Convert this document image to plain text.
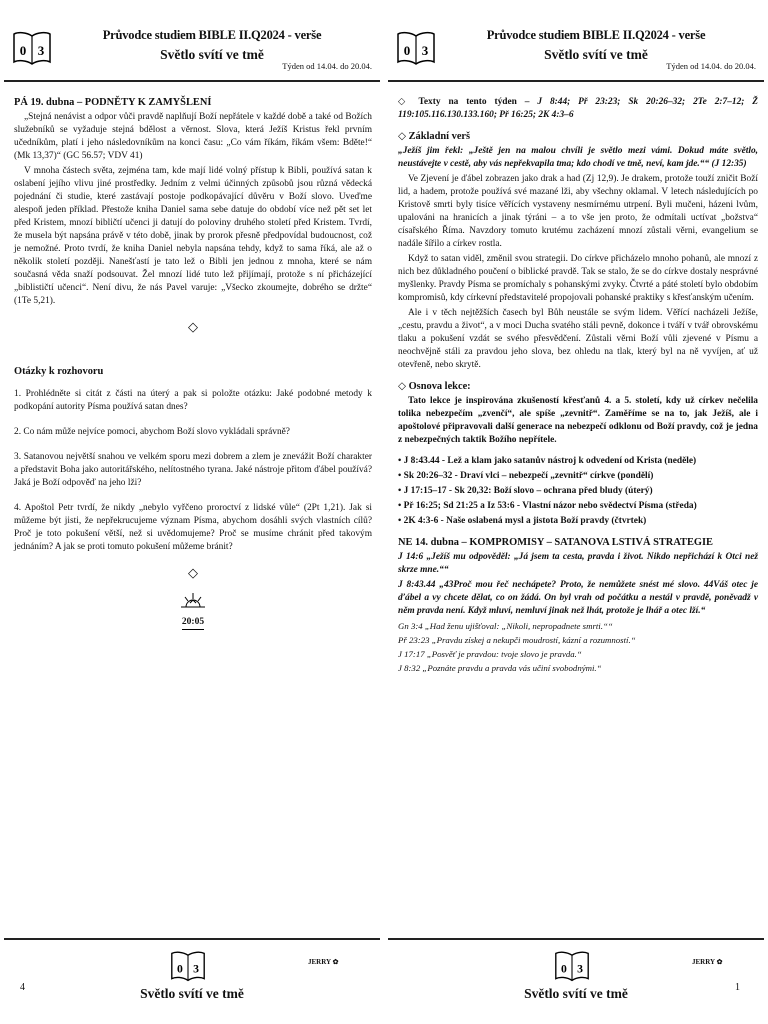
0 3
Průvodce studiem BIBLE II.Q2024 - verše
Světlo svítí ve tmě
Týden od 14.04. do 20.04.
PÁ 19. dubna – PODNĚTY K ZAMYŠLENÍ

„Stejná nenávist a odpor vůči pravdě naplňují Boží nepřátele v každé době a také od Božích služebníků se vyžaduje stejná bdělost a věrnost. Slova, která Ježíš Kristus řekl prvním učedníkům, platí i jeho následovníkům na konci času: „Co vám říkám, říkám všem: Bděte!“ (Mk 13,37)“ (GC 56.57; VDV 41)

V mnoha částech světa, zejména tam, kde mají lidé volný přístup k Bibli, používá satan k oslabení jejího vlivu jiné prostředky. Jedním z velmi účinných způsobů jsou různá vědecká pojednání či studie, které zastávají postoje podkopávající důvěru v Boží slovo. Uveďme alespoň jeden příklad. Přestože kniha Daniel sama sebe datuje do období více než pět set let před Kristem, mnozí bibličtí učenci ji datují do poloviny druhého století před Kristem. Tvrdí, že musela být napsána právě v této době, jinak by prorok přesně předpovídal budoucnost, což je nemožné. Proto tvrdí, že kniha Daniel nebyla napsána tehdy, když to sama říká, ale až o několik století později. Nanešťastí je tato lež o Bibli jen jednou z mnoha, které se nám současná věda snaží podsouvat. Žel mnozí lidé tuto lež přijímají, protože s ní přicházející „biblističtí učenci“. Není divu, že nás Pavel varuje: „Všecko zkoumejte, dobrého se držte“ (1Te 5,21).

◇
Otázky k rozhovoru

1. Prohlédněte si citát z části na úterý a pak si položte otázku: Jaké podobné metody k podkopání autority Písma používá satan dnes?

2. Co nám může nejvíce pomoci, abychom Boží slovo vykládali správně?

3. Satanovou největší snahou ve velkém sporu mezi dobrem a zlem je znevážit Boží charakter a představit Boha jako autoritářského, nelítostného tyrana. Jaké nástroje přitom ďábel používá? Jaká je Boží odpověď na jeho lži?

4. Apoštol Petr tvrdí, že nikdy „nebylo vyřčeno proroctví z lidské vůle“ (2Pt 1,21). Jak si můžeme být jisti, že nepřekrucujeme význam Písma, abychom dosáhli svých vlastních cílů? Proč je toto pokušení větší, než si uvědomujeme? Proč se musíme chránit před takovým jednáním? A jak se proti tomuto pokušení můžeme bránit?

◇

20:05
0 3
JERRY ✿
4	Světlo svítí ve tmě
0 3
Průvodce studiem BIBLE II.Q2024 - verše
Světlo svítí ve tmě
Týden od 14.04. do 20.04.

◇ Texty na tento týden – J 8:44; Př 23:23; Sk 20:26–32; 2Te 2:7–12; Ž 119:105.116.130.133.160; Př 16:25; 2K 4:3–6

◇ Základní verš

„Ježíš jim řekl: „Ještě jen na malou chvíli je světlo mezi vámi. Dokud máte světlo, neustávejte v cestě, aby vás nepřekvapila tma; kdo chodí ve tmě, neví, kam jde.““ (J 12:35)

Ve Zjevení je ďábel zobrazen jako drak a had (Zj 12,9). Je drakem, protože touží zničit Boží lid, a hadem, protože používá své mazané lži, aby všechny oklamal. V letech následujících po Kristově smrti byly tisíce věřících vystaveny nesmírnému utrpení. Byli mučeni, házeni lvům, upalováni na hranicích a jinak týráni – a to vše jen proto, že odmítali uctívat „božstva“ císařského Říma. Navzdory tomuto krutému zacházení mnozí zůstali věrni, evangelium se nadále šířilo a církev rostla.

Když to satan viděl, změnil svou strategii. Do církve přicházelo mnoho pohanů, ale mnozí z nich bez důkladného poučení o biblické pravdě. Tak se stalo, že se do církve dostaly nesprávné myšlenky. Pravdy Písma se promíchaly s pohanskými zvyky. Čtvrté a páté století bylo obdobím kompromisů, kdy církevní představitelé propojovali pohanské praktiky s křesťanským učením.

Ale i v těch nejtěžších časech byl Bůh neustále se svým lidem. Věřící nacházeli Ježíše, „cestu, pravdu a život“, a v moci Ducha svatého stáli pevně, dokonce i tváří v tvář obrovskému tlaku a pokušení vzdát se svého přesvědčení. Zůstali věrni Boží vůli zjevené v Písmu a neochvějně stáli za pravdou jeho slova, bez ohledu na tlak, který byl na ně vyvíjen, ať už otevřeně, nebo skrytě.

◇ Osnova lekce:

Tato lekce je inspirována zkušeností křesťanů 4. a 5. století, kdy už církev nečelila tolika nebezpečím „zvenčí“, ale spíše „zevnitř“. Zaměříme se na to, jak Ježíš, ale i apoštolové připravovali další generace na nebezpečí odklonu od Boží pravdy, což je jedna z nebezpečných taktik Božího nepřítele.

• J 8:43.44 - Lež a klam jako satanův nástroj k odvedení od Krista (neděle)

• Sk 20:26–32 - Draví vlci – nebezpečí „zevnitř“ církve (pondělí)

• J 17:15–17 - Sk 20,32: Boží slovo – ochrana před bludy (úterý)

• Př 16:25; Sd 21:25 a Iz 53:6 - Vlastní názor nebo svědectví Písma (středa)

• 2K 4:3-6 - Naše oslabená mysl a jistota Boží pravdy (čtvrtek)

NE 14. dubna – KOMPROMISY – SATANOVA LSTIVÁ STRATEGIE

J 14:6 „Ježíš mu odpověděl: „Já jsem ta cesta, pravda i život. Nikdo nepřichází k Otci než skrze mne.““

J 8:43.44 „43Proč mou řeč nechápete? Proto, že nemůžete snést mé slovo. 44Váš otec je ďábel a vy chcete dělat, co on žádá. On byl vrah od počátku a nestál v pravdě, poněvadž v něm pravda není. Když mluví, nemluví jinak než lhát, protože je lhář a otec lží.“

Gn 3:4 „Had ženu ujišťoval: „Nikoli, nepropadnete smrti.““

Př 23:23 „Pravdu získej a nekupči moudrostí, kázní a rozumností.“

J 17:17 „Posvěť je pravdou: tvoje slovo je pravda.“

J 8:32 „Poznáte pravdu a pravda vás učiní svobodnými.“

0 3
JERRY ✿
1
Světlo svítí ve tmě
